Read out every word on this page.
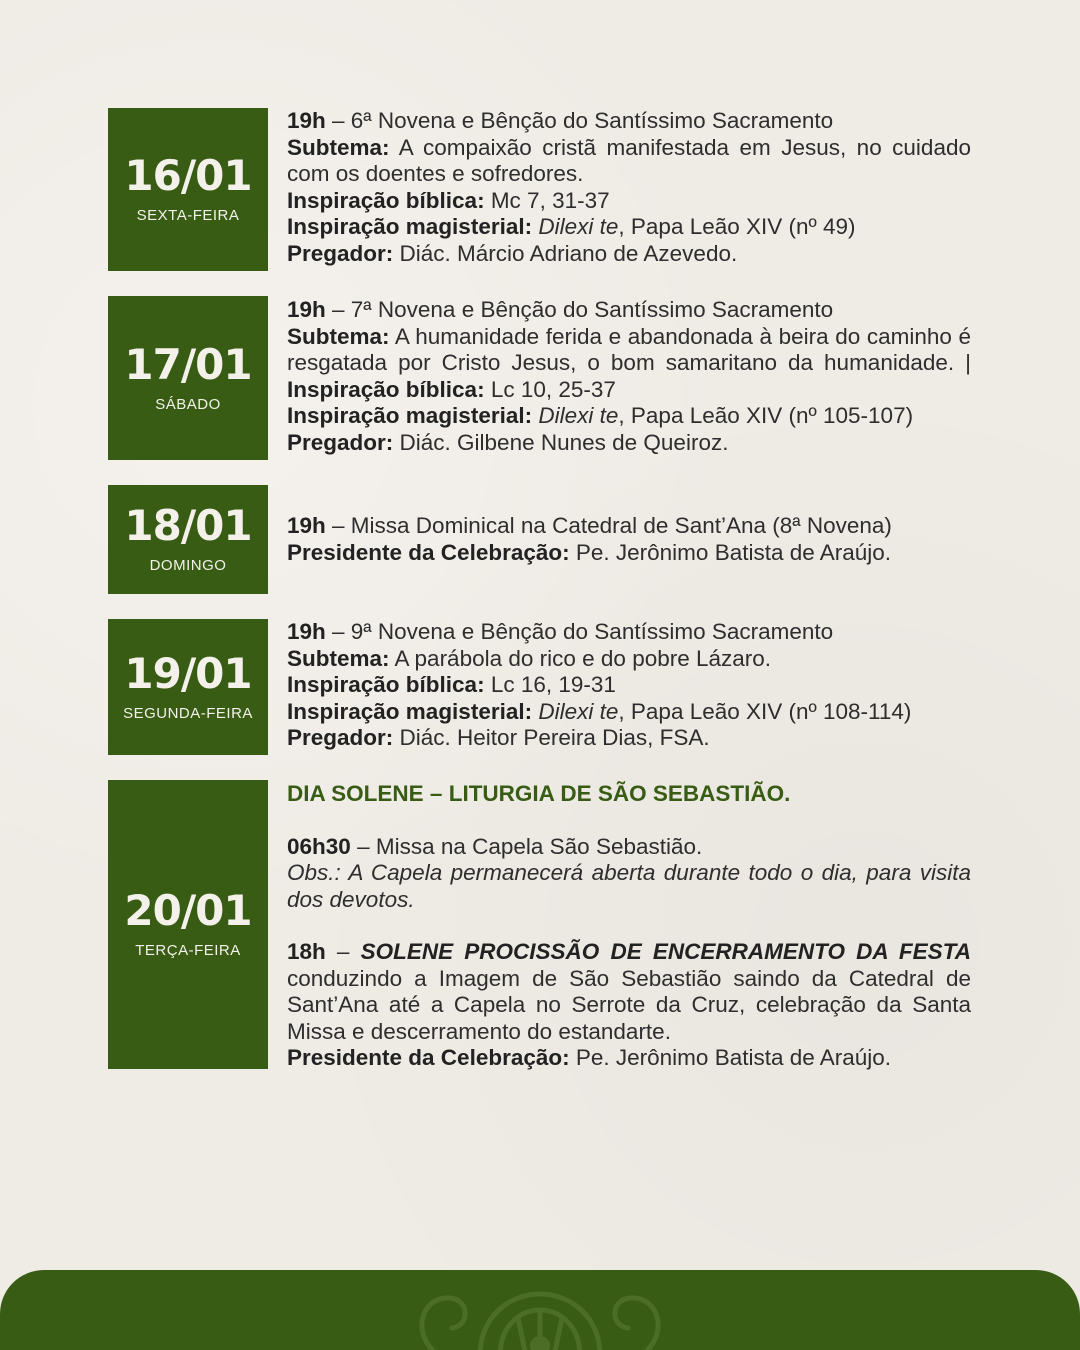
16/01
SEXTA-FEIRA

19h – 6ª Novena e Bênção do Santíssimo Sacramento

Subtema: A compaixão cristã manifestada em Jesus, no cuidado com os doentes e sofredores.

Inspiração bíblica: Mc 7, 31-37

Inspiração magisterial: Dilexi te, Papa Leão XIV (nº 49)

Pregador: Diác. Márcio Adriano de Azevedo.

17/01
SÁBADO

19h – 7ª Novena e Bênção do Santíssimo Sacramento

Subtema: A humanidade ferida e abandonada à beira do caminho é resgatada por Cristo Jesus, o bom samaritano da humanidade. | Inspiração bíblica: Lc 10, 25-37

Inspiração magisterial: Dilexi te, Papa Leão XIV (nº 105-107)

Pregador: Diác. Gilbene Nunes de Queiroz.

18/01
DOMINGO

19h – Missa Dominical na Catedral de Sant’Ana (8ª Novena)

Presidente da Celebração: Pe. Jerônimo Batista de Araújo.

19/01
SEGUNDA-FEIRA

19h – 9ª Novena e Bênção do Santíssimo Sacramento

Subtema: A parábola do rico e do pobre Lázaro.

Inspiração bíblica: Lc 16, 19-31

Inspiração magisterial: Dilexi te, Papa Leão XIV (nº 108-114)

Pregador: Diác. Heitor Pereira Dias, FSA.

20/01
TERÇA-FEIRA

DIA SOLENE – LITURGIA DE SÃO SEBASTIÃO.

06h30 – Missa na Capela São Sebastião.

Obs.: A Capela permanecerá aberta durante todo o dia, para visita dos devotos.

18h – SOLENE PROCISSÃO DE ENCERRAMENTO DA FESTA conduzindo a Imagem de São Sebastião saindo da Catedral de Sant’Ana até a Capela no Serrote da Cruz, celebração da Santa Missa e descerramento do estandarte.

Presidente da Celebração: Pe. Jerônimo Batista de Araújo.
